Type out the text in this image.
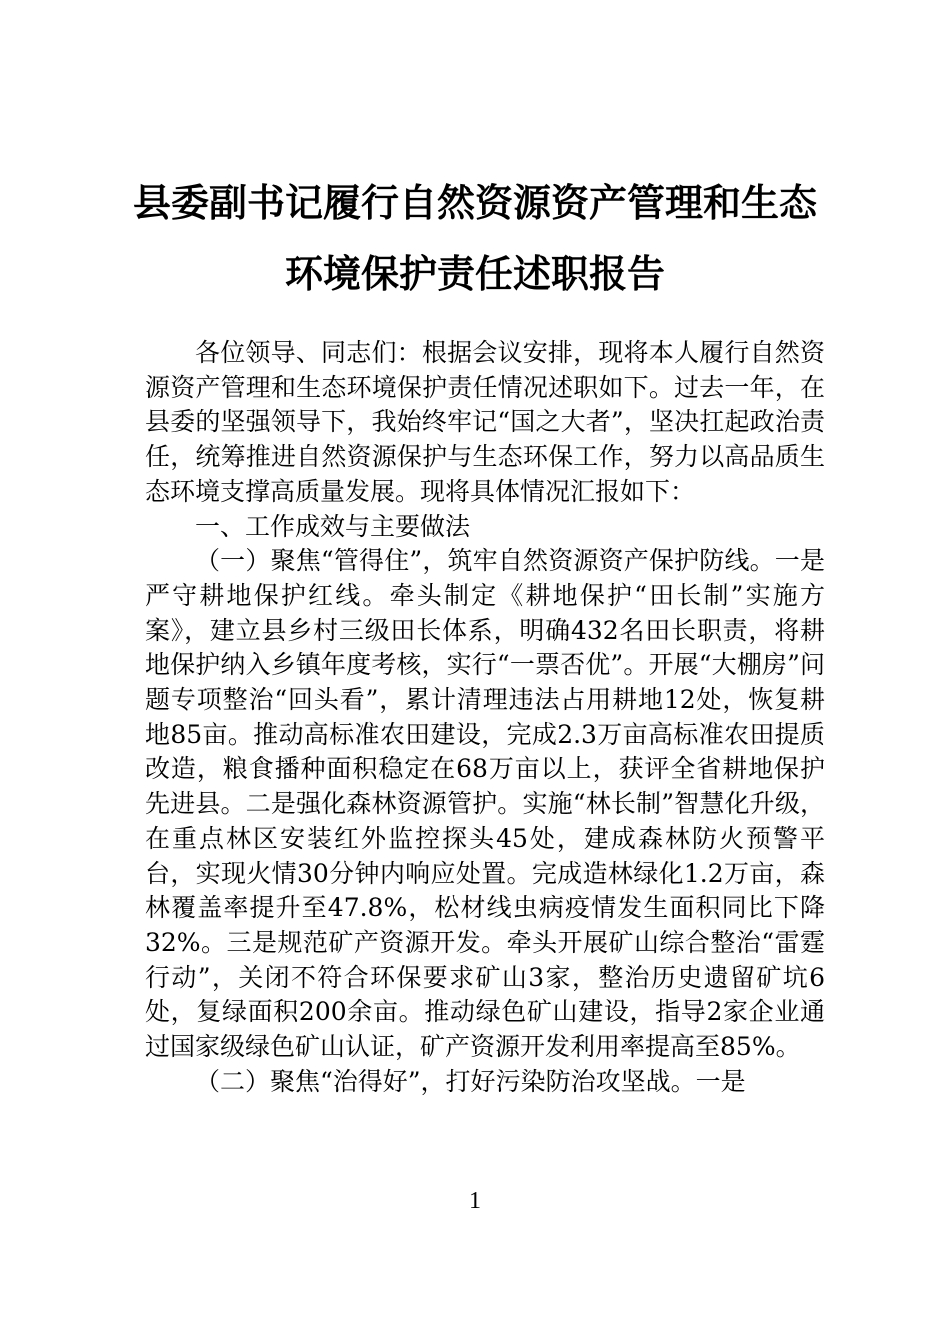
县委副书记履行自然资源资产管理和生态
环境保护责任述职报告

各位领导、同志们：根据会议安排，现将本人履行自然资源资产管理和生态环境保护责任情况述职如下。过去一年，在县委的坚强领导下，我始终牢记“国之大者”，坚决扛起政治责任，统筹推进自然资源保护与生态环保工作，努力以高品质生态环境支撑高质量发展。现将具体情况汇报如下：

一、工作成效与主要做法

（一）聚焦“管得住”，筑牢自然资源资产保护防线。一是严守耕地保护红线。牵头制定《耕地保护“田长制”实施方案》，建立县乡村三级田长体系，明确432名田长职责，将耕地保护纳入乡镇年度考核，实行“一票否优”。开展“大棚房”问题专项整治“回头看”，累计清理违法占用耕地12处，恢复耕地85亩。推动高标准农田建设，完成2.3万亩高标准农田提质改造，粮食播种面积稳定在68万亩以上，获评全省耕地保护先进县。二是强化森林资源管护。实施“林长制”智慧化升级，在重点林区安装红外监控探头45处，建成森林防火预警平台，实现火情30分钟内响应处置。完成造林绿化1.2万亩，森林覆盖率提升至47.8%，松材线虫病疫情发生面积同比下降32%。三是规范矿产资源开发。牵头开展矿山综合整治“雷霆行动”，关闭不符合环保要求矿山3家，整治历史遗留矿坑6处，复绿面积200余亩。推动绿色矿山建设，指导2家企业通过国家级绿色矿山认证，矿产资源开发利用率提高至85%。

（二）聚焦“治得好”，打好污染防治攻坚战。一是

1
